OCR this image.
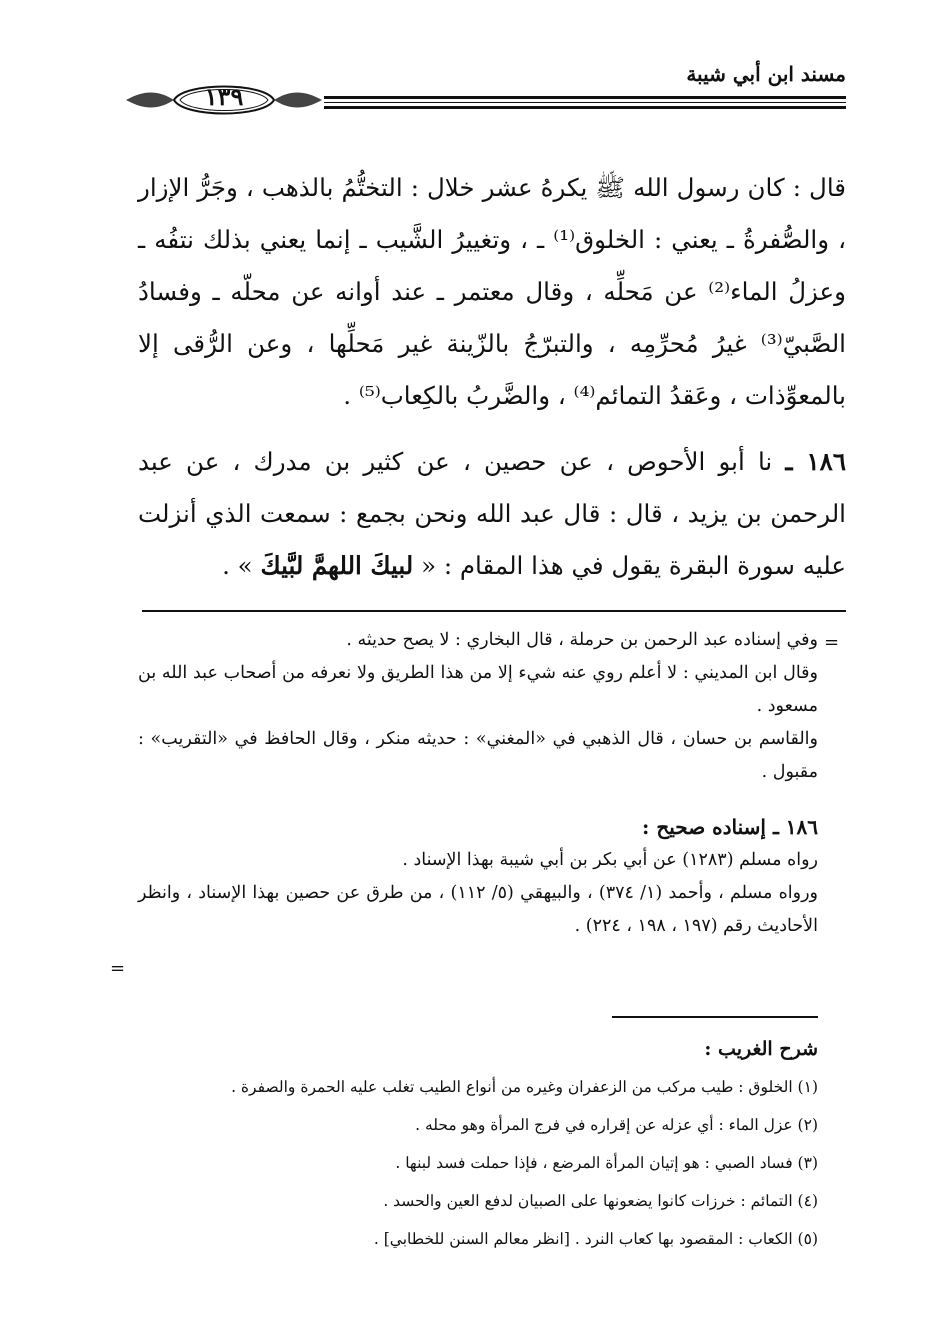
مسند ابن أبي شيبة
١٣٩

قال : كان رسول الله ﷺ يكرهُ عشر خلال : التختُّمُ بالذهب ، وجَرُّ الإزار ، والصُّفرةُ ـ يعني : الخلوق⁽¹⁾ ـ ، وتغييرُ الشَّيب ـ إنما يعني بذلك نتفُه ـ وعزلُ الماء⁽²⁾ عن مَحلِّه ، وقال معتمر ـ عند أوانه عن محلّه ـ وفسادُ الصَّبيّ⁽³⁾ غيرُ مُحرِّمِه ، والتبرّجُ بالزّينة غير مَحلِّها ، وعن الرُّقى إلا بالمعوِّذات ، وعَقدُ التمائم⁽⁴⁾ ، والضَّربُ بالكِعاب⁽⁵⁾ .

١٨٦ ـ نا أبو الأحوص ، عن حصين ، عن كثير بن مدرك ، عن عبد الرحمن بن يزيد ، قال : قال عبد الله ونحن بجمع : سمعت الذي أنزلت عليه سورة البقرة يقول في هذا المقام : « لبيكَ اللهمَّ لبَّيكَ » .

=

وفي إسناده عبد الرحمن بن حرملة ، قال البخاري : لا يصح حديثه .

وقال ابن المديني : لا أعلم روي عنه شيء إلا من هذا الطريق ولا نعرفه من أصحاب عبد الله بن مسعود .

والقاسم بن حسان ، قال الذهبي في «المغني» : حديثه منكر ، وقال الحافظ في «التقريب» : مقبول .

١٨٦ ـ إسناده صحيح :

رواه مسلم (١٢٨٣) عن أبي بكر بن أبي شيبة بهذا الإسناد .

ورواه مسلم ، وأحمد (١/ ٣٧٤) ، والبيهقي (٥/ ١١٢) ، من طرق عن حصين بهذا الإسناد ، وانظر الأحاديث رقم (١٩٧ ، ١٩٨ ، ٢٢٤) .

=

شرح الغريب :

(١) الخلوق : طيب مركب من الزعفران وغيره من أنواع الطيب تغلب عليه الحمرة والصفرة .
(٢) عزل الماء : أي عزله عن إقراره في فرج المرأة وهو محله .
(٣) فساد الصبي : هو إتيان المرأة المرضع ، فإذا حملت فسد لبنها .
(٤) التمائم : خرزات كانوا يضعونها على الصبيان لدفع العين والحسد .
(٥) الكعاب : المقصود بها كعاب النرد . [انظر معالم السنن للخطابي] .
